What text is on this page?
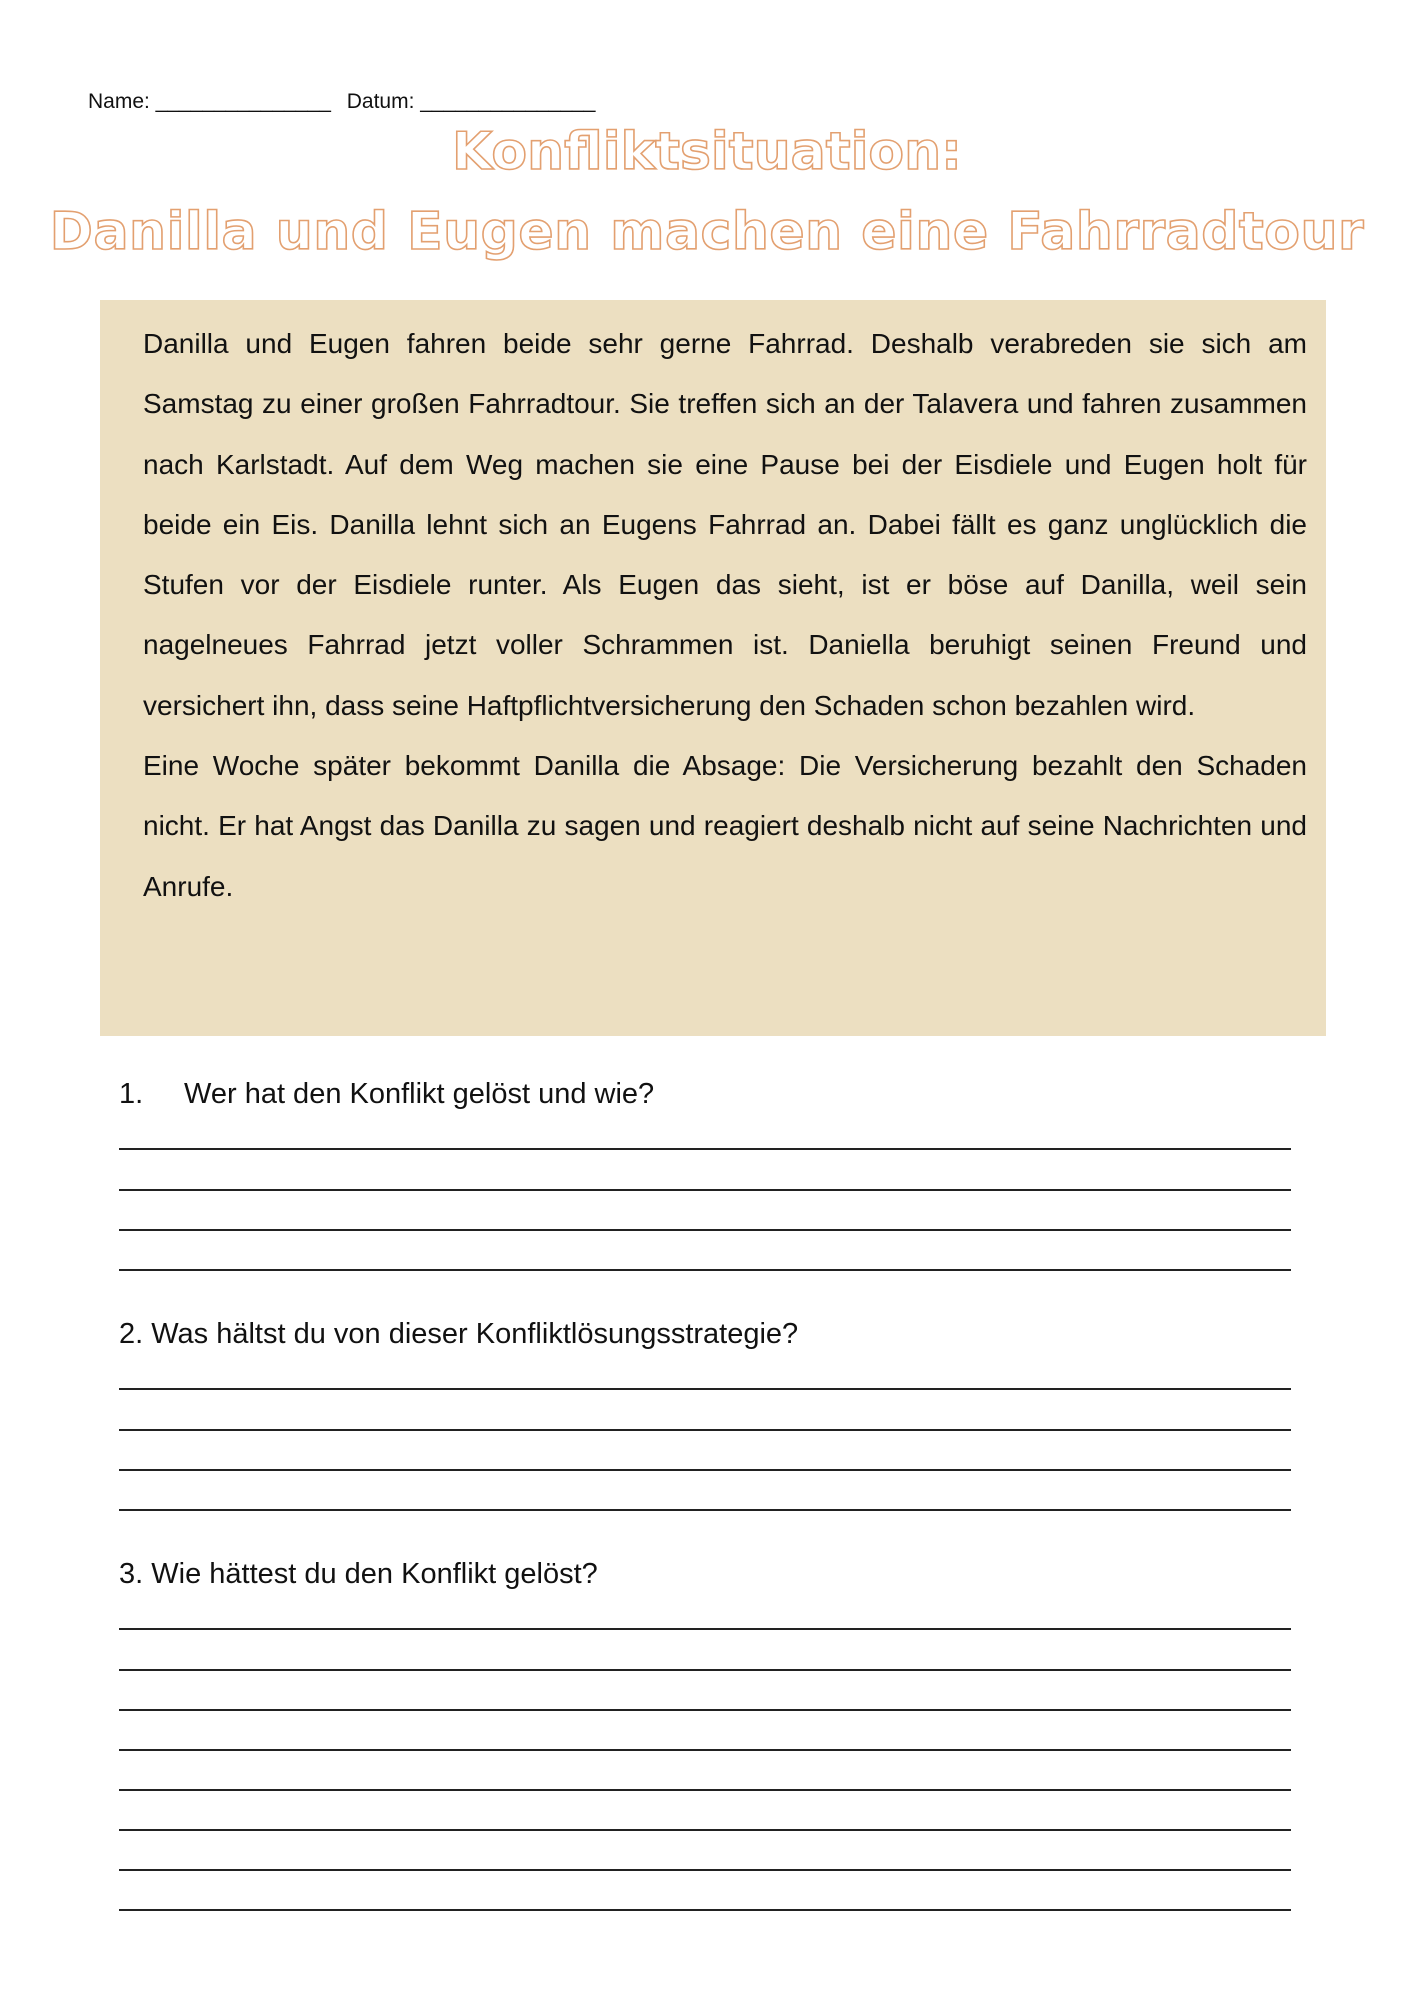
Name: _______________ Datum: _______________
Konfliktsituation:
Danilla und Eugen machen eine Fahrradtour

Danilla und Eugen fahren beide sehr gerne Fahrrad. Deshalb verabreden sie sich am Samstag zu einer großen Fahrradtour. Sie treffen sich an der Talavera und fahren zusammen nach Karlstadt. Auf dem Weg machen sie eine Pause bei der Eisdiele und Eugen holt für beide ein Eis. Danilla lehnt sich an Eugens Fahrrad an. Dabei fällt es ganz unglücklich die Stufen vor der Eisdiele runter. Als Eugen das sieht, ist er böse auf Danilla, weil sein nagelneues Fahrrad jetzt voller Schrammen ist. Daniella beruhigt seinen Freund und versichert ihn, dass seine Haftpflichtversicherung den Schaden schon bezahlen wird.

Eine Woche später bekommt Danilla die Absage: Die Versicherung bezahlt den Schaden nicht. Er hat Angst das Danilla zu sagen und reagiert deshalb nicht auf seine Nachrichten und Anrufe.

1. Wer hat den Konflikt gelöst und wie?
2. Was hältst du von dieser Konfliktlösungsstrategie?
3. Wie hättest du den Konflikt gelöst?
